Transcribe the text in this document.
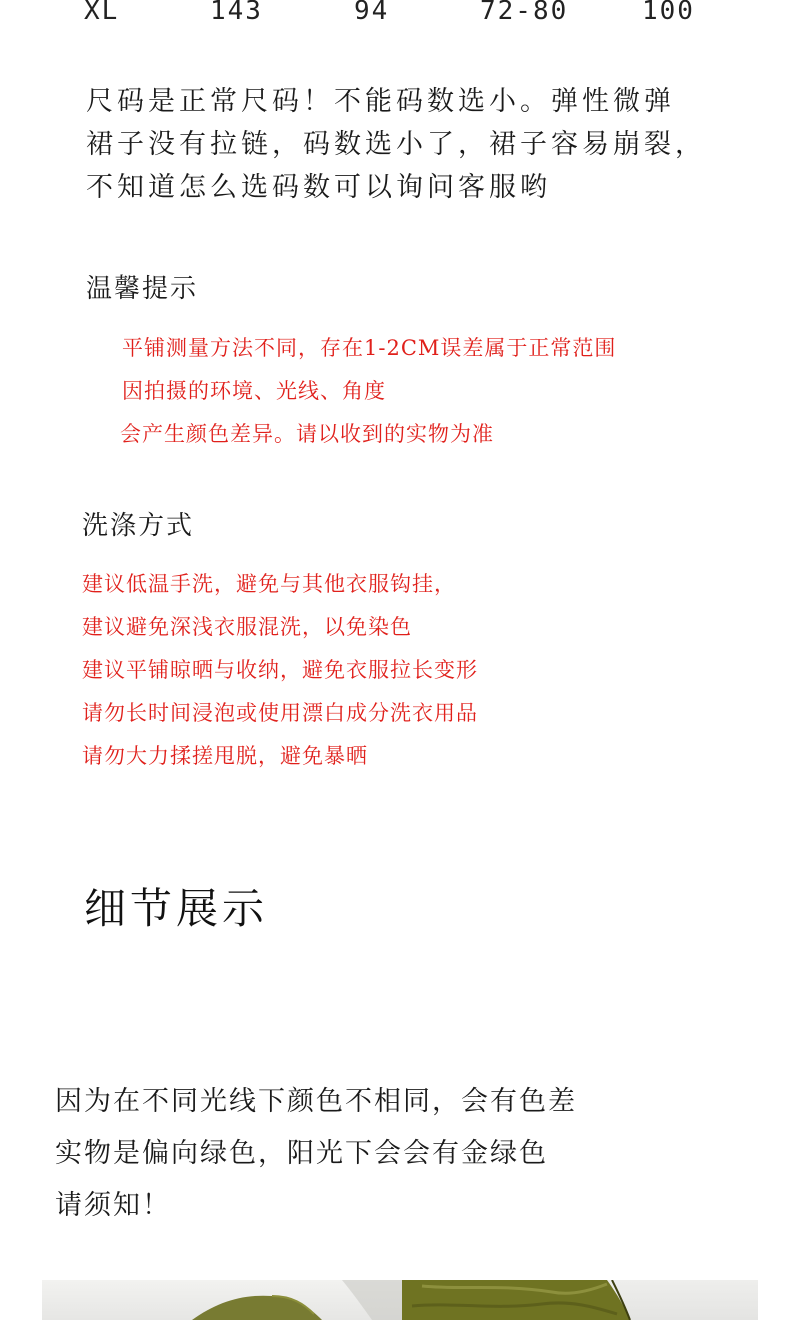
XL	143	94	72-80	100
尺码是正常尺码！不能码数选小。弹性微弹
裙子没有拉链，码数选小了，裙子容易崩裂，
不知道怎么选码数可以询问客服哟
温馨提示
平铺测量方法不同，存在1-2CM误差属于正常范围
因拍摄的环境、光线、角度
会产生颜色差异。请以收到的实物为准
洗涤方式
建议低温手洗，避免与其他衣服钩挂，
建议避免深浅衣服混洗，以免染色
建议平铺晾晒与收纳，避免衣服拉长变形
请勿长时间浸泡或使用漂白成分洗衣用品
请勿大力揉搓甩脱，避免暴晒
细节展示
因为在不同光线下颜色不相同，会有色差
实物是偏向绿色，阳光下会会有金绿色
请须知！
